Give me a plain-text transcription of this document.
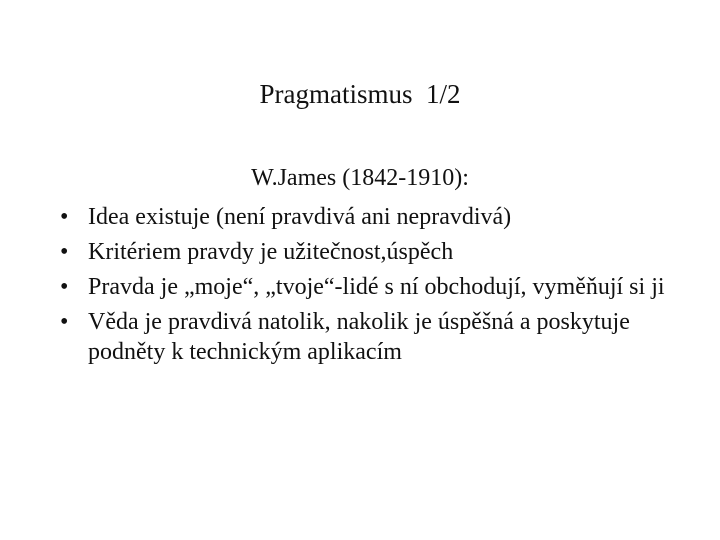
Pragmatismus  1/2
W.James (1842-1910):
• Idea existuje (není pravdivá ani nepravdivá)
• Kritériem pravdy je užitečnost,úspěch
• Pravda je „moje“, „tvoje“-lidé s ní obchodují, vyměňují si ji
• Věda je pravdivá natolik, nakolik je úspěšná a poskytuje podněty k technickým aplikacím
